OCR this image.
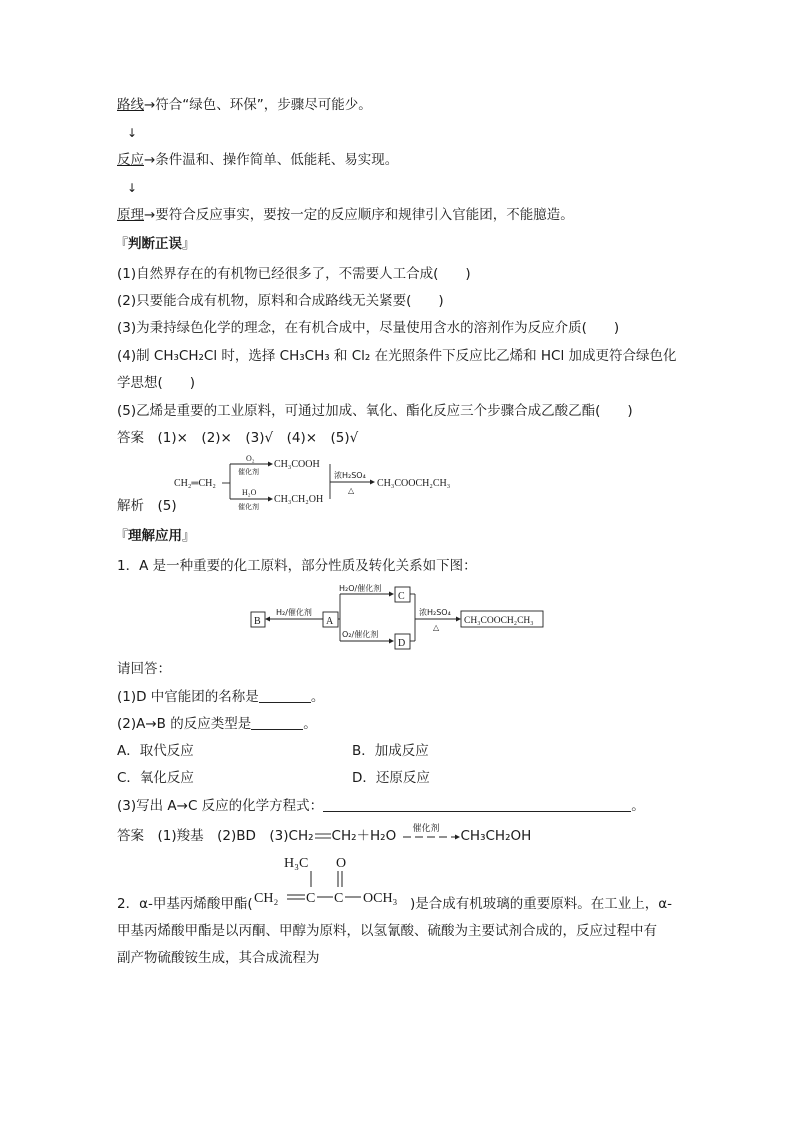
路线→符合“绿色、环保”，步骤尽可能少。
↓
反应→条件温和、操作简单、低能耗、易实现。
↓
原理→要符合反应事实，要按一定的反应顺序和规律引入官能团，不能臆造。
『判断正误』
(1)自然界存在的有机物已经很多了，不需要人工合成(　　)
(2)只要能合成有机物，原料和合成路线无关紧要(　　)
(3)为秉持绿色化学的理念，在有机合成中，尽量使用含水的溶剂作为反应介质(　　)
(4)制 CH₃CH₂Cl 时，选择 CH₃CH₃ 和 Cl₂ 在光照条件下反应比乙烯和 HCl 加成更符合绿色化
学思想(　　)
(5)乙烯是重要的工业原料，可通过加成、氧化、酯化反应三个步骤合成乙酸乙酯(　　)
答案　(1)×　(2)×　(3)√　(4)×　(5)√
CH₂═CH₂
O₂
催化剂
CH₃COOH
H₂O
催化剂
CH₃CH₂OH
浓H₂SO₄
△
CH₃COOCH₂CH₃
解析　(5)
『理解应用』
1．A 是一种重要的化工原料，部分性质及转化关系如下图：
B
H₂/催化剂
A
H₂O/催化剂
O₂/催化剂
C
D
浓H₂SO₄
△
CH₃COOCH₂CH₃
请回答：
(1)D 中官能团的名称是	。
(2)A→B 的反应类型是	。
A．取代反应	B．加成反应
C．氧化反应	D．还原反应
(3)写出 A→C 反应的化学方程式：	。
答案　(1)羧基　(2)BD　(3)CH₂ CH₂＋H₂O 催化剂 CH₃CH₂OH
2．α-甲基丙烯酸甲酯(
H₃C O
CH₂ C C OCH₃ )是合成有机玻璃的重要原料。在工业上，α-
甲基丙烯酸甲酯是以丙酮、甲醇为原料，以氢氰酸、硫酸为主要试剂合成的，反应过程中有
副产物硫酸铵生成，其合成流程为
